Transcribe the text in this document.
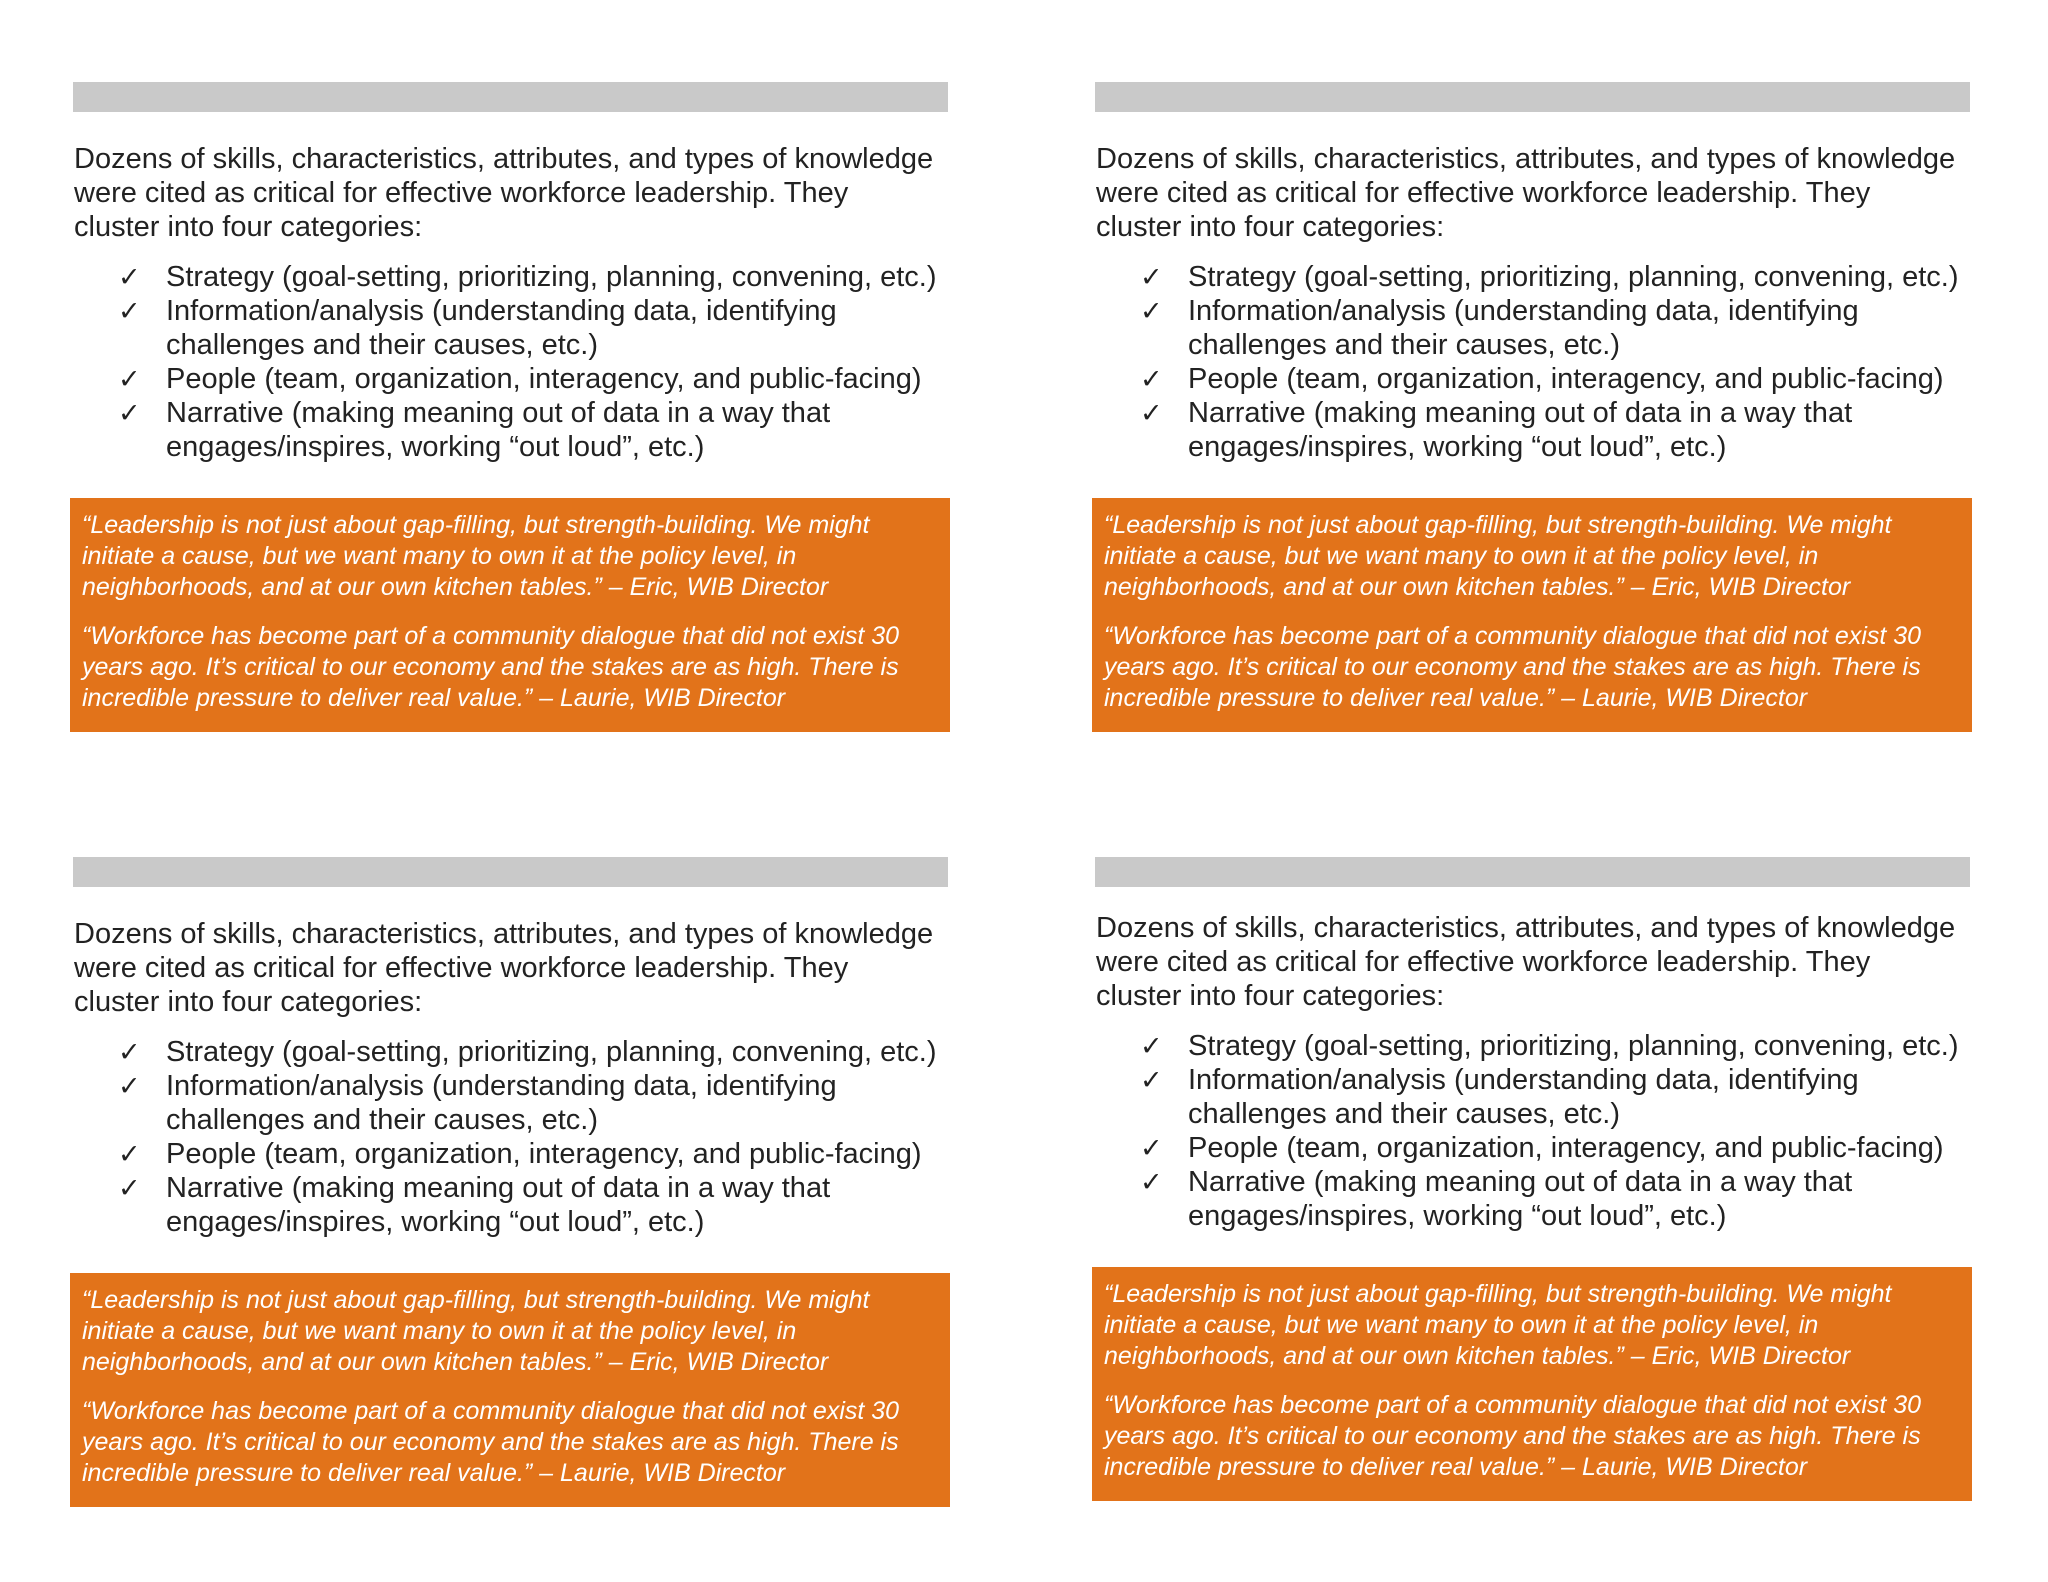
Dozens of skills, characteristics, attributes, and types of knowledge were cited as critical for effective workforce leadership. They cluster into four categories:
✓ Strategy (goal-setting, prioritizing, planning, convening, etc.)
✓ Information/analysis (understanding data, identifying challenges and their causes, etc.)
✓ People (team, organization, interagency, and public-facing)
✓ Narrative (making meaning out of data in a way that engages/inspires, working “out loud”, etc.)

“Leadership is not just about gap-filling, but strength-building. We might initiate a cause, but we want many to own it at the policy level, in neighborhoods, and at our own kitchen tables.” – Eric, WIB Director

“Workforce has become part of a community dialogue that did not exist 30 years ago. It’s critical to our economy and the stakes are as high. There is incredible pressure to deliver real value.” – Laurie, WIB Director

Dozens of skills, characteristics, attributes, and types of knowledge were cited as critical for effective workforce leadership. They cluster into four categories:
✓ Strategy (goal-setting, prioritizing, planning, convening, etc.)
✓ Information/analysis (understanding data, identifying challenges and their causes, etc.)
✓ People (team, organization, interagency, and public-facing)
✓ Narrative (making meaning out of data in a way that engages/inspires, working “out loud”, etc.)

“Leadership is not just about gap-filling, but strength-building. We might initiate a cause, but we want many to own it at the policy level, in neighborhoods, and at our own kitchen tables.” – Eric, WIB Director

“Workforce has become part of a community dialogue that did not exist 30 years ago. It’s critical to our economy and the stakes are as high. There is incredible pressure to deliver real value.” – Laurie, WIB Director

Dozens of skills, characteristics, attributes, and types of knowledge were cited as critical for effective workforce leadership. They cluster into four categories:
✓ Strategy (goal-setting, prioritizing, planning, convening, etc.)
✓ Information/analysis (understanding data, identifying challenges and their causes, etc.)
✓ People (team, organization, interagency, and public-facing)
✓ Narrative (making meaning out of data in a way that engages/inspires, working “out loud”, etc.)

“Leadership is not just about gap-filling, but strength-building. We might initiate a cause, but we want many to own it at the policy level, in neighborhoods, and at our own kitchen tables.” – Eric, WIB Director

“Workforce has become part of a community dialogue that did not exist 30 years ago. It’s critical to our economy and the stakes are as high. There is incredible pressure to deliver real value.” – Laurie, WIB Director

Dozens of skills, characteristics, attributes, and types of knowledge were cited as critical for effective workforce leadership. They cluster into four categories:
✓ Strategy (goal-setting, prioritizing, planning, convening, etc.)
✓ Information/analysis (understanding data, identifying challenges and their causes, etc.)
✓ People (team, organization, interagency, and public-facing)
✓ Narrative (making meaning out of data in a way that engages/inspires, working “out loud”, etc.)

“Leadership is not just about gap-filling, but strength-building. We might initiate a cause, but we want many to own it at the policy level, in neighborhoods, and at our own kitchen tables.” – Eric, WIB Director

“Workforce has become part of a community dialogue that did not exist 30 years ago. It’s critical to our economy and the stakes are as high. There is incredible pressure to deliver real value.” – Laurie, WIB Director
